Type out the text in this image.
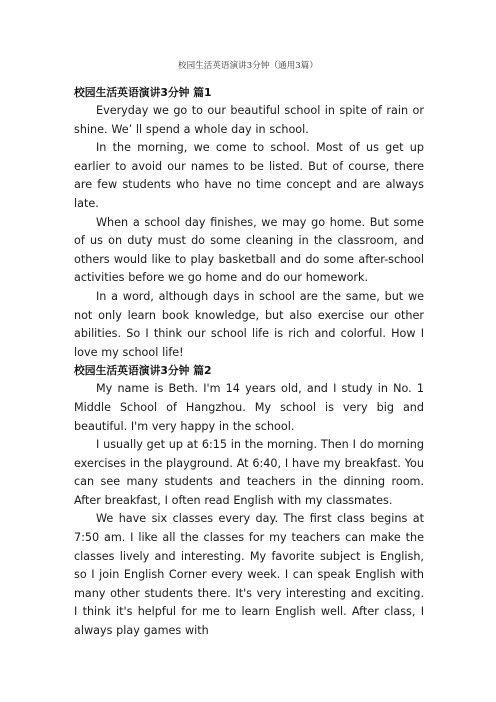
校园生活英语演讲3分钟（通用3篇）
校园生活英语演讲3分钟 篇1

Everyday we go to our beautiful school in spite of rain or shine. We’ ll spend a whole day in school.

In the morning, we come to school. Most of us get up earlier to avoid our names to be listed. But of course, there are few students who have no time concept and are always late.

When a school day finishes, we may go home. But some of us on duty must do some cleaning in the classroom, and others would like to play basketball and do some after-school activities before we go home and do our homework.

In a word, although days in school are the same, but we not only learn book knowledge, but also exercise our other abilities. So I think our school life is rich and colorful. How I love my school life!

校园生活英语演讲3分钟 篇2

My name is Beth. I'm 14 years old, and I study in No. 1 Middle School of Hangzhou. My school is very big and beautiful. I'm very happy in the school.

I usually get up at 6:15 in the morning. Then I do morning exercises in the playground. At 6:40, I have my breakfast. You can see many students and teachers in the dinning room. After breakfast, I often read English with my classmates.

We have six classes every day. The first class begins at 7:50 am. I like all the classes for my teachers can make the classes lively and interesting. My favorite subject is English, so I join English Corner every week. I can speak English with many other students there. It's very interesting and exciting. I think it's helpful for me to learn English well. After class, I always play games with
